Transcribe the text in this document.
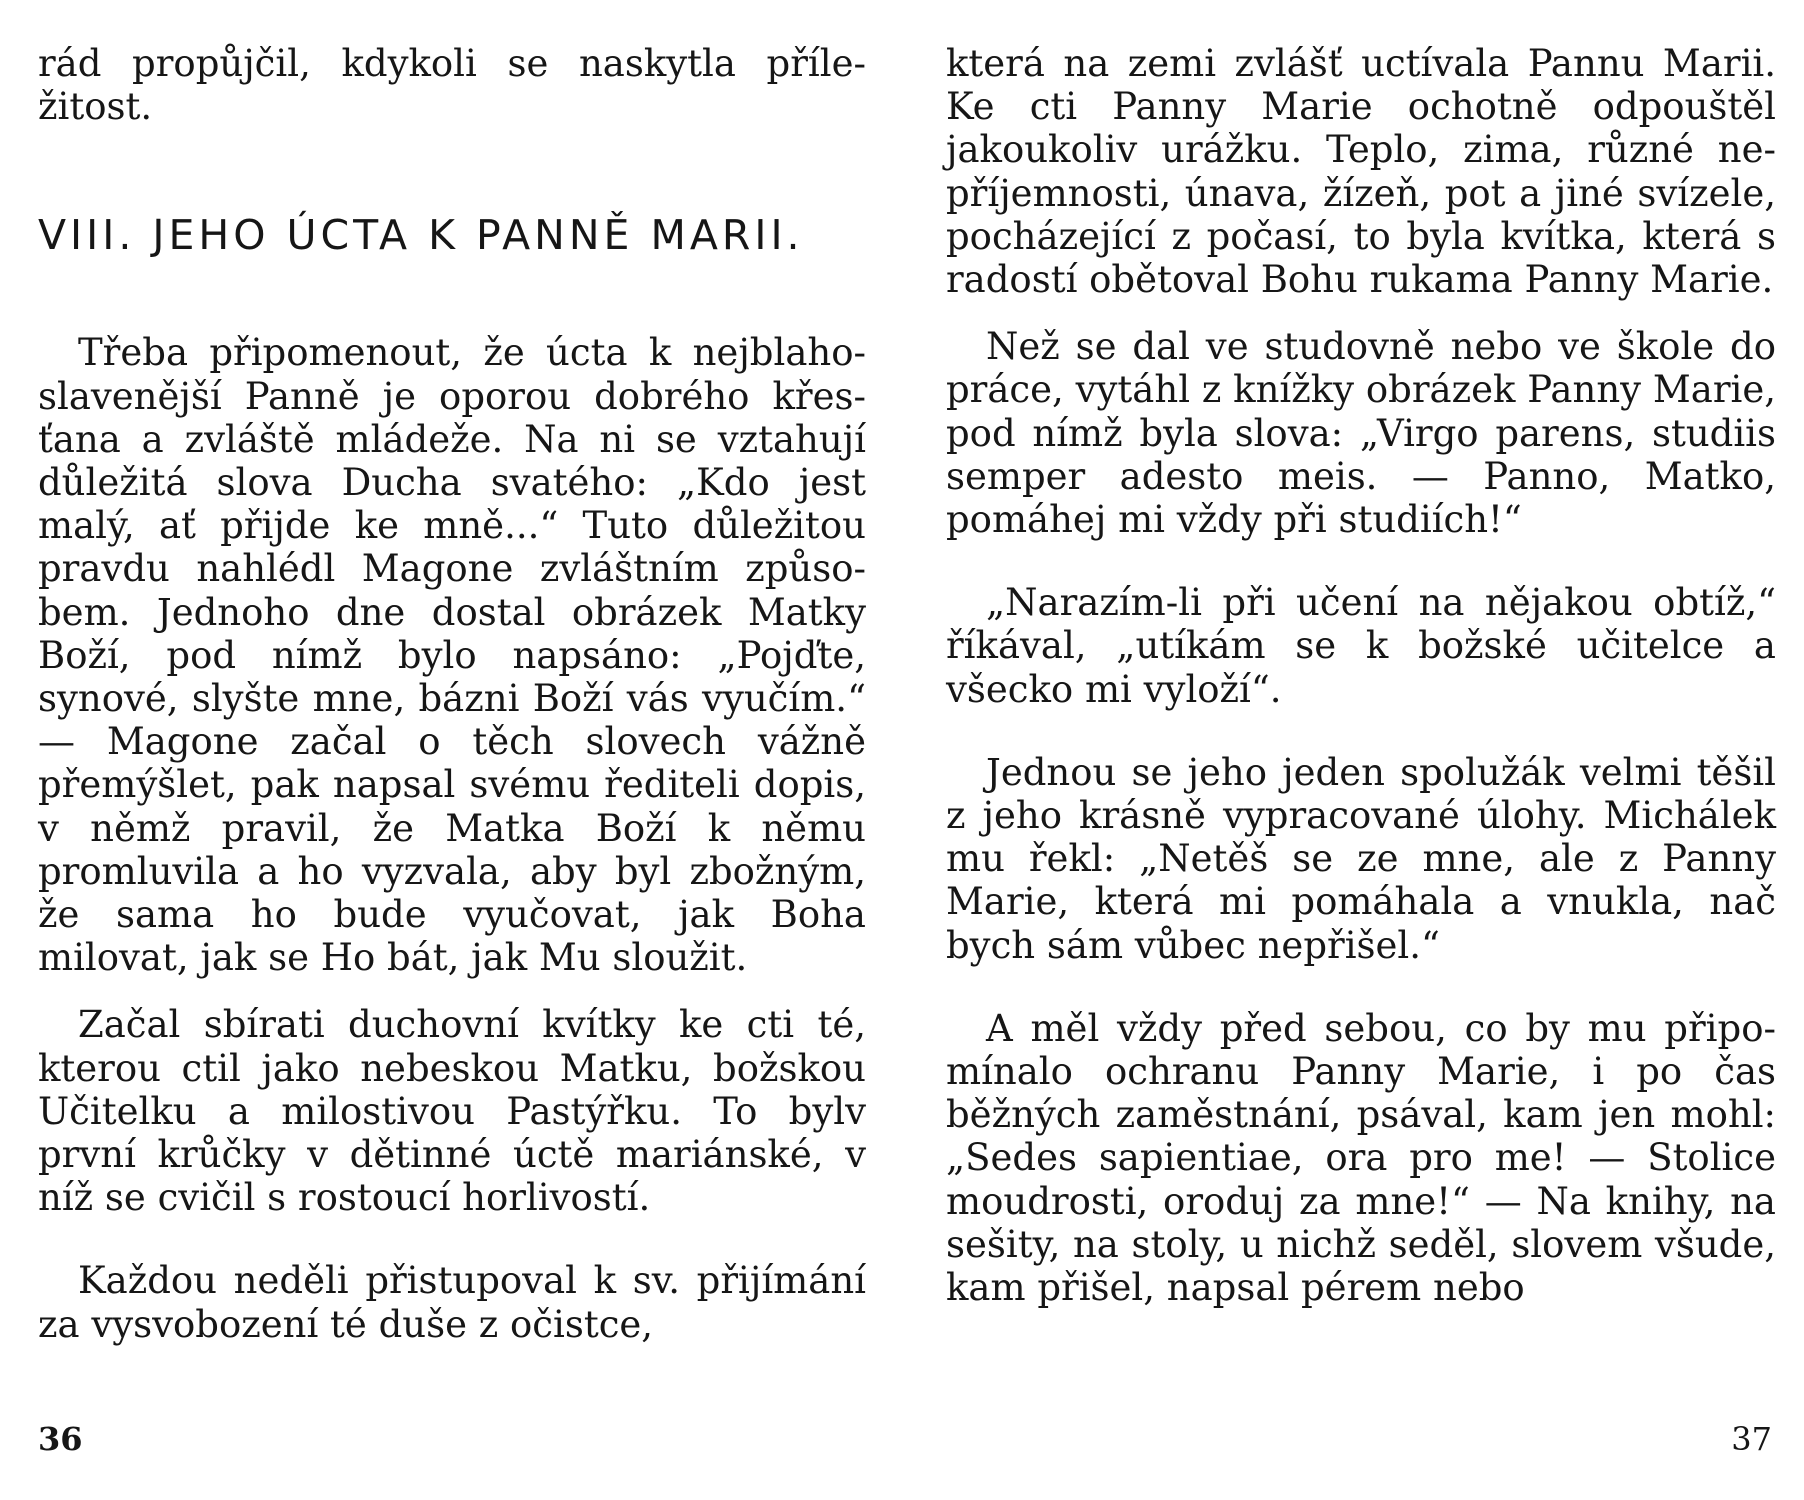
rád propůjčil, kdykoli se naskytla příležitost.

VIII. JEHO ÚCTA K PANNĚ MARII.

Třeba připomenout, že úcta k nejblahoslavenější Panně je oporou dobrého křesťana a zvláště mládeže. Na ni se vztahují důležitá slova Ducha svatého: „Kdo jest malý, ať přijde ke mně...“ Tuto důležitou pravdu nahlédl Magone zvláštním způsobem. Jednoho dne dostal obrázek Matky Boží, pod nímž bylo napsáno: „Pojďte, synové, slyšte mne, bázni Boží vás vyučím.“ — Magone začal o těch slovech vážně přemýšlet, pak napsal svému řediteli dopis, v němž pravil, že Matka Boží k němu promluvila a ho vyzvala, aby byl zbožným, že sama ho bude vyučovat, jak Boha milovat, jak se Ho bát, jak Mu sloužit.

Začal sbírati duchovní kvítky ke cti té, kterou ctil jako nebeskou Matku, božskou Učitelku a milostivou Pastýřku. To bylv první krůčky v dětinné úctě mariánské, v níž se cvičil s rostoucí horlivostí.

Každou neděli přistupoval k sv. přijímání za vysvobození té duše z očistce,

36

která na zemi zvlášť uctívala Pannu Marii. Ke cti Panny Marie ochotně odpouštěl jakoukoliv urážku. Teplo, zima, různé nepříjemnosti, únava, žízeň, pot a jiné svízele, pocházející z počasí, to byla kvítka, která s radostí obětoval Bohu rukama Panny Marie.

Než se dal ve studovně nebo ve škole do práce, vytáhl z knížky obrázek Panny Marie, pod nímž byla slova: „Virgo parens, studiis semper adesto meis. — Panno, Matko, pomáhej mi vždy při studiích!“

„Narazím-li při učení na nějakou obtíž,“ říkával, „utíkám se k božské učitelce a všecko mi vyloží“.

Jednou se jeho jeden spolužák velmi těšil z jeho krásně vypracované úlohy. Michálek mu řekl: „Netěš se ze mne, ale z Panny Marie, která mi pomáhala a vnukla, nač bych sám vůbec nepřišel.“

A měl vždy před sebou, co by mu připomínalo ochranu Panny Marie, i po čas běžných zaměstnání, psával, kam jen mohl: „Sedes sapientiae, ora pro me! — Stolice moudrosti, oroduj za mne!“ — Na knihy, na sešity, na stoly, u nichž seděl, slovem všude, kam přišel, napsal pérem nebo

37
